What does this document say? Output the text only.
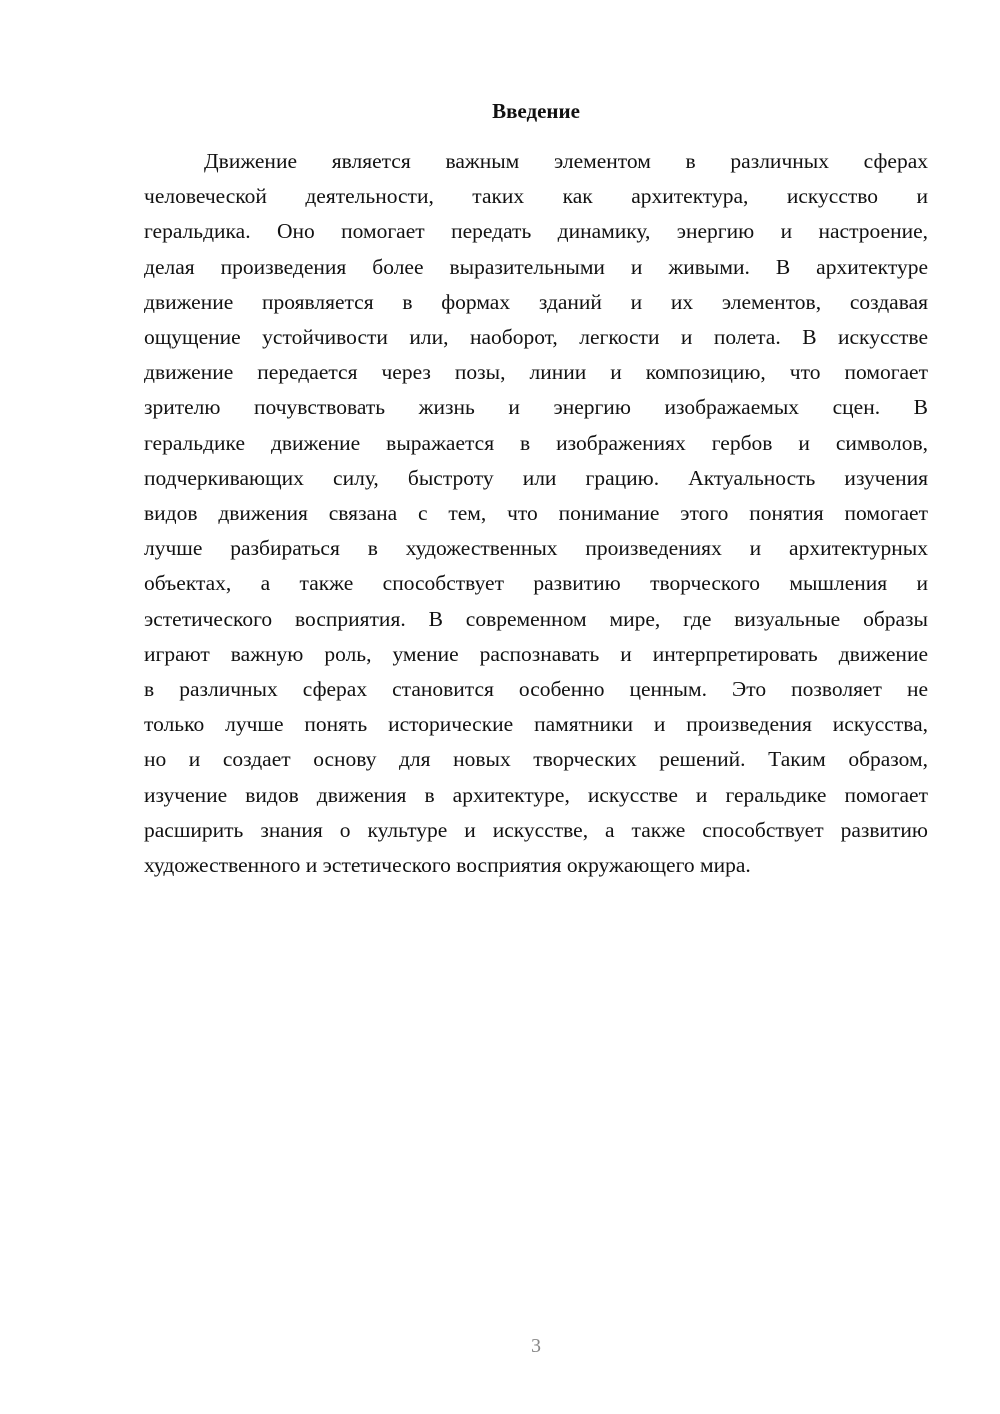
Введение
Движение является важным элементом в различных сферах
человеческой деятельности, таких как архитектура, искусство и
геральдика. Оно помогает передать динамику, энергию и настроение,
делая произведения более выразительными и живыми. В архитектуре
движение проявляется в формах зданий и их элементов, создавая
ощущение устойчивости или, наоборот, легкости и полета. В искусстве
движение передается через позы, линии и композицию, что помогает
зрителю почувствовать жизнь и энергию изображаемых сцен. В
геральдике движение выражается в изображениях гербов и символов,
подчеркивающих силу, быстроту или грацию. Актуальность изучения
видов движения связана с тем, что понимание этого понятия помогает
лучше разбираться в художественных произведениях и архитектурных
объектах, а также способствует развитию творческого мышления и
эстетического восприятия. В современном мире, где визуальные образы
играют важную роль, умение распознавать и интерпретировать движение
в различных сферах становится особенно ценным. Это позволяет не
только лучше понять исторические памятники и произведения искусства,
но и создает основу для новых творческих решений. Таким образом,
изучение видов движения в архитектуре, искусстве и геральдике помогает
расширить знания о культуре и искусстве, а также способствует развитию
художественного и эстетического восприятия окружающего мира.

3
